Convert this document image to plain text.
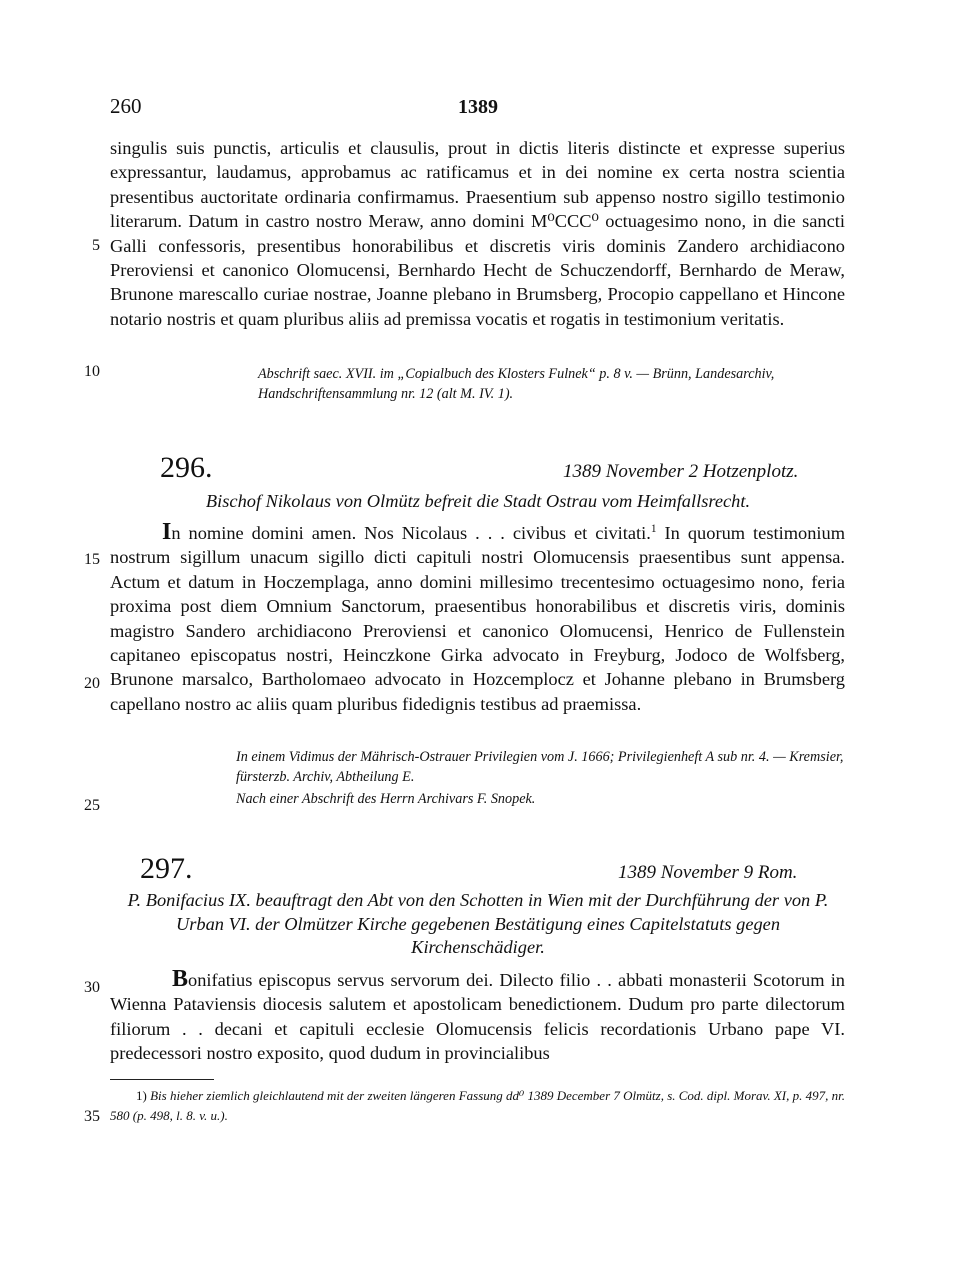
260	1389
5
10
15
20
25
30
35
singulis suis punctis, articulis et clausulis, prout in dictis literis distincte et expresse superius expressantur, laudamus, approbamus ac ratificamus et in dei nomine ex certa nostra scientia presentibus auctoritate ordinaria confirmamus. Praesentium sub appenso nostro sigillo testimonio literarum. Datum in castro nostro Meraw, anno domini M⁰CCC⁰ octuagesimo nono, in die sancti Galli confessoris, presentibus honorabilibus et discretis viris dominis Zandero archidiacono Preroviensi et canonico Olomucensi, Bernhardo Hecht de Schuczendorff, Bernhardo de Meraw, Brunone marescallo curiae nostrae, Joanne plebano in Brumsberg, Procopio cappellano et Hincone notario nostris et quam pluribus aliis ad premissa vocatis et rogatis in testimonium veritatis.
Abschrift saec. XVII. im „Copialbuch des Klosters Fulnek“ p. 8 v. — Brünn, Landesarchiv, Handschriftensammlung nr. 12 (alt M. IV. 1).
296.	1389 November 2 Hotzenplotz.
Bischof Nikolaus von Olmütz befreit die Stadt Ostrau vom Heimfallsrecht.
In nomine domini amen. Nos Nicolaus . . . civibus et civitati.$^1$ In quorum testimonium nostrum sigillum unacum sigillo dicti capituli nostri Olomucensis praesentibus sunt appensa. Actum et datum in Hoczemplaga, anno domini millesimo trecentesimo octuagesimo nono, feria proxima post diem Omnium Sanctorum, praesentibus honorabilibus et discretis viris, dominis magistro Sandero archidiacono Preroviensi et canonico Olomucensi, Henrico de Fullenstein capitaneo episcopatus nostri, Heinczkone Girka advocato in Freyburg, Jodoco de Wolfsberg, Brunone marsalco, Bartholomaeo advocato in Hozcemplocz et Johanne plebano in Brumsberg capellano nostro ac aliis quam pluribus fidedignis testibus ad praemissa.
In einem Vidimus der Mährisch-Ostrauer Privilegien vom J. 1666; Privilegienheft A sub nr. 4. — Kremsier, fürsterzb. Archiv, Abtheilung E.
Nach einer Abschrift des Herrn Archivars F. Snopek.
297.	1389 November 9 Rom.
P. Bonifacius IX. beauftragt den Abt von den Schotten in Wien mit der Durchführung der von P. Urban VI. der Olmützer Kirche gegebenen Bestätigung eines Capitelstatuts gegen Kirchenschädiger.
Bonifatius episcopus servus servorum dei. Dilecto filio . . abbati monasterii Scotorum in Wienna Pataviensis diocesis salutem et apostolicam benedictionem. Dudum pro parte dilectorum filiorum . . decani et capituli ecclesie Olomucensis felicis recordationis Urbano pape VI. predecessori nostro exposito, quod dudum in provincialibus
1) Bis hieher ziemlich gleichlautend mit der zweiten längeren Fassung dd⁰ 1389 December 7 Olmütz, s. Cod. dipl. Morav. XI, p. 497, nr. 580 (p. 498, l. 8. v. u.).
